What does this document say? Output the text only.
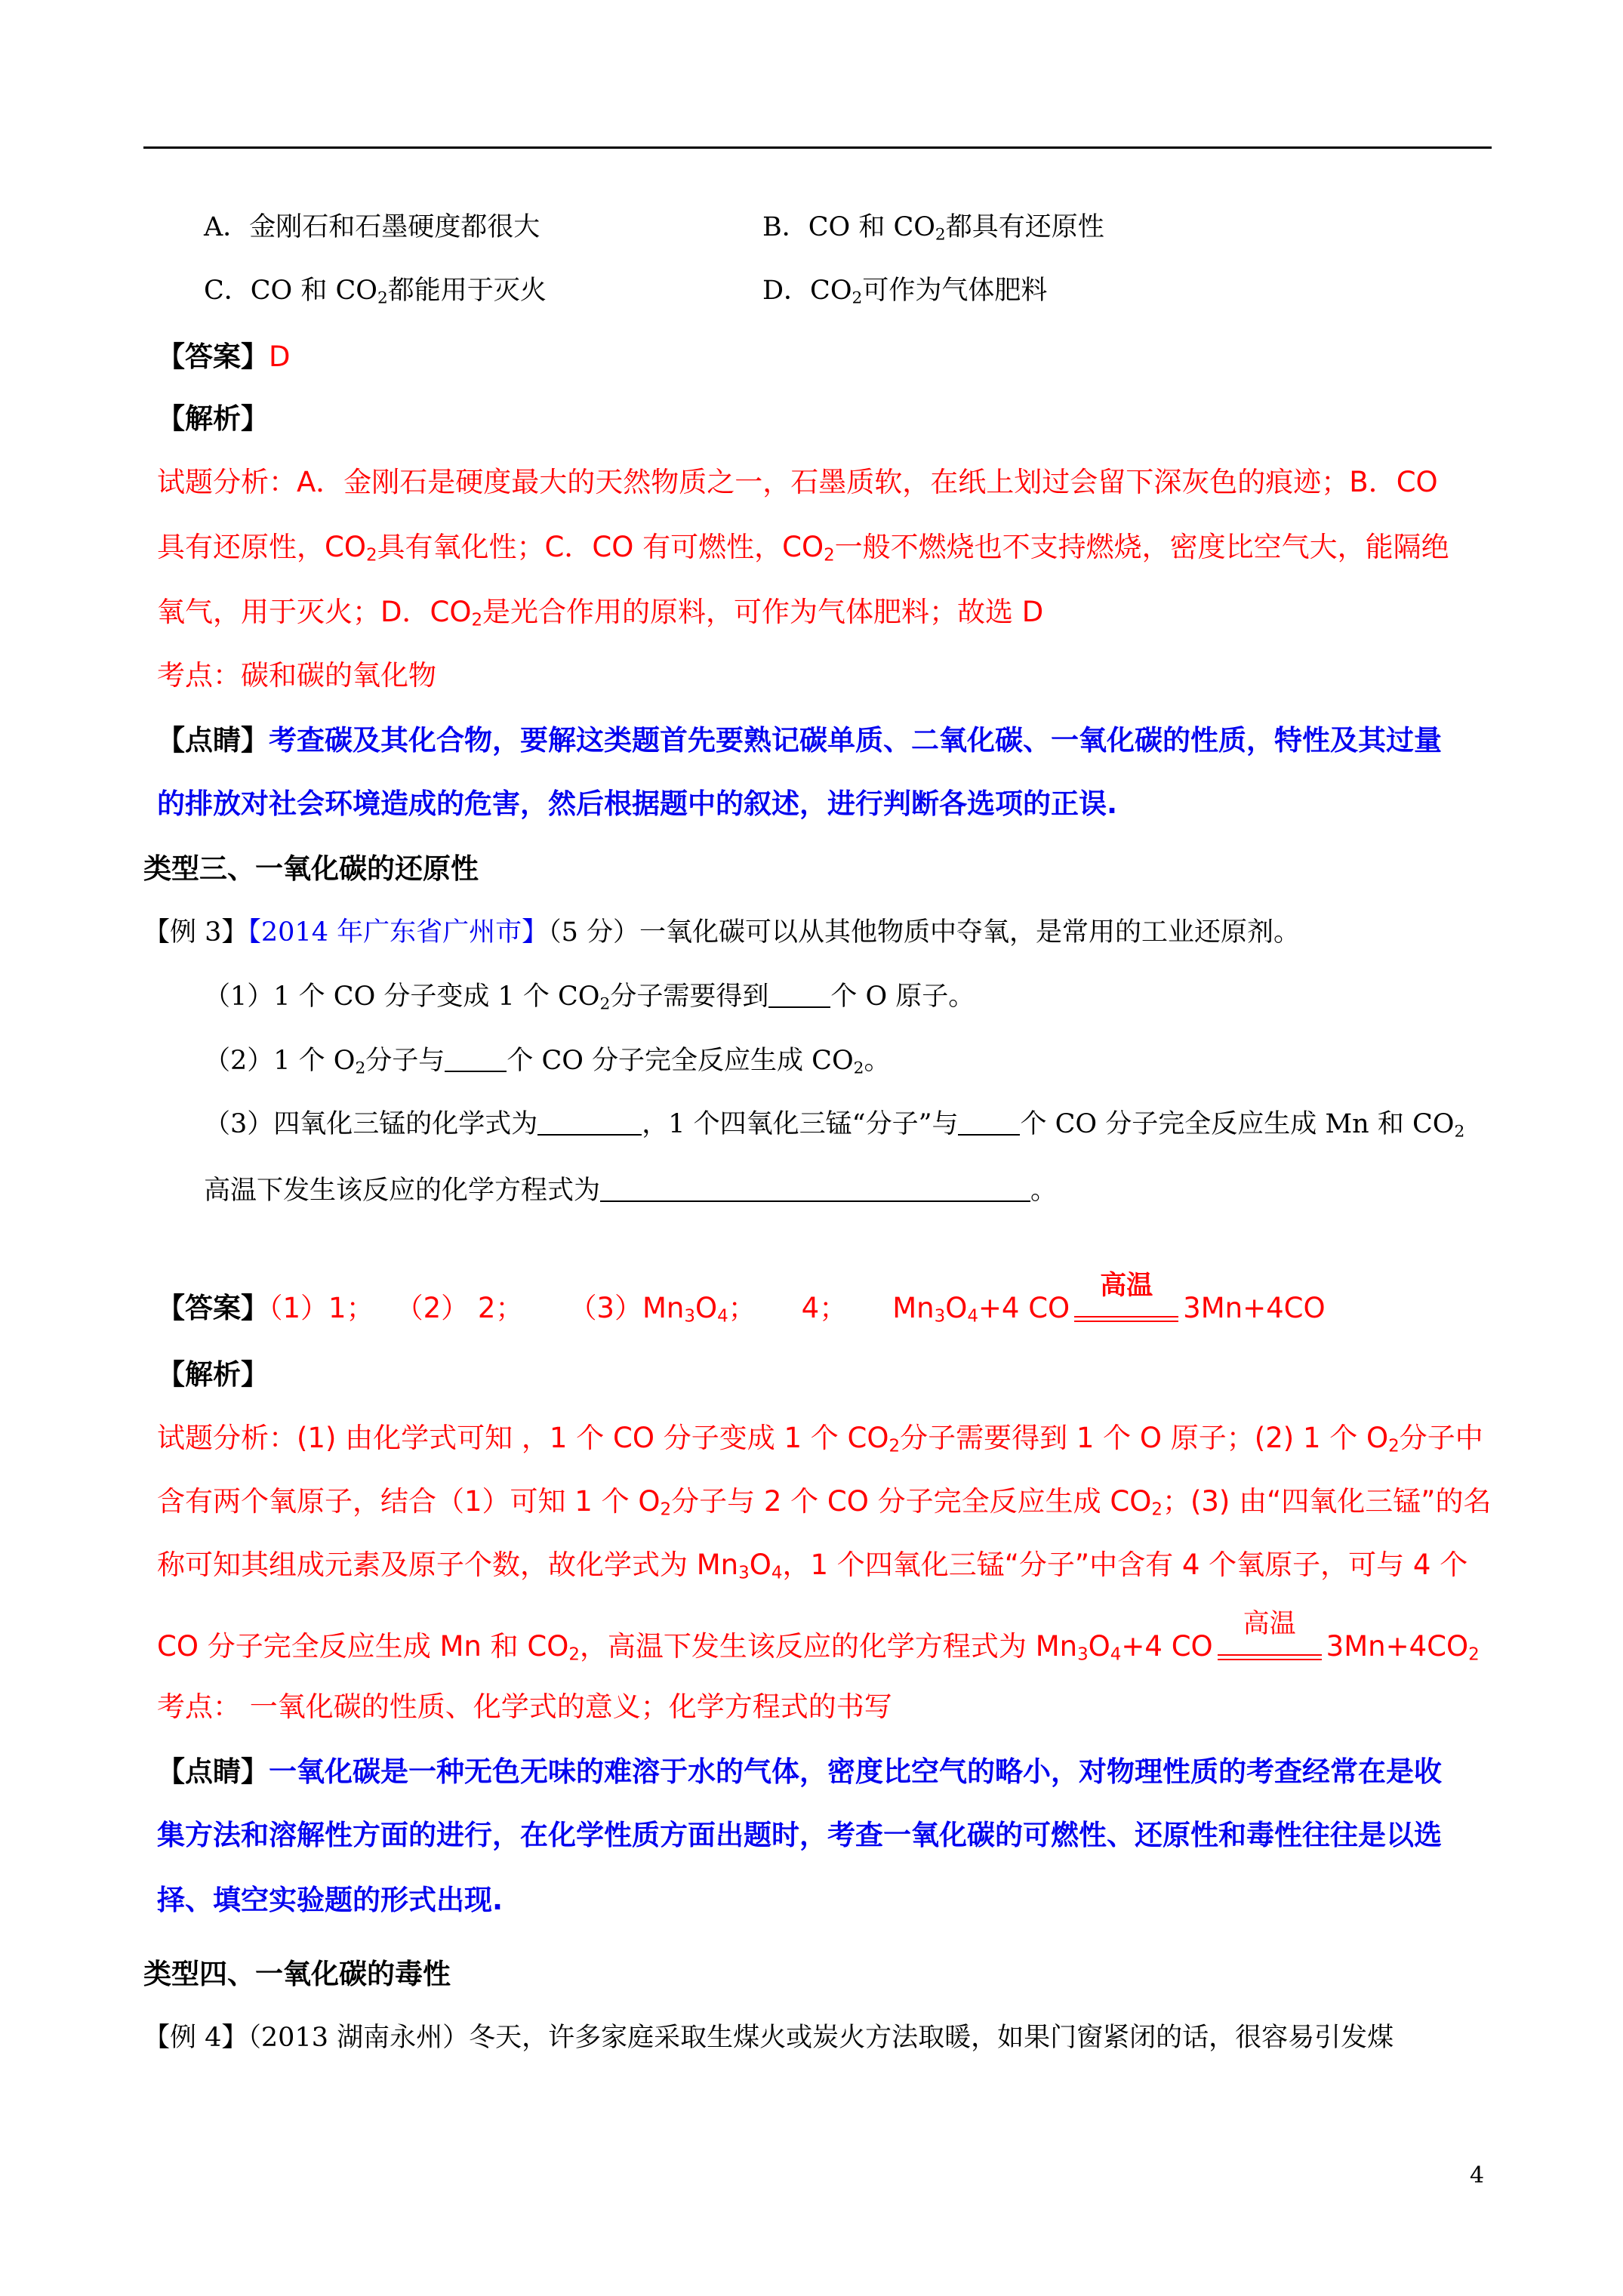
A．金刚石和石墨硬度都很大	B．CO 和 $CO_2$都具有还原性
C．CO 和 $CO_2$都能用于灭火	D．$CO_2$可作为气体肥料
【答案】D
【解析】
试题分析：A．金刚石是硬度最大的天然物质之一，石墨质软，在纸上划过会留下深灰色的痕迹；B．CO
具有还原性，$CO_2$具有氧化性；C．CO 有可燃性，$CO_2$一般不燃烧也不支持燃烧，密度比空气大，能隔绝
氧气，用于灭火；D．$CO_2$是光合作用的原料，可作为气体肥料；故选 D
考点：碳和碳的氧化物
【点睛】考查碳及其化合物，要解这类题首先要熟记碳单质、二氧化碳、一氧化碳的性质，特性及其过量
的排放对社会环境造成的危害，然后根据题中的叙述，进行判断各选项的正误.
类型三、一氧化碳的还原性
【例 3】【2014 年广东省广州市】（5 分）一氧化碳可以从其他物质中夺氧，是常用的工业还原剂。
（1）1 个 CO 分子变成 1 个 $CO_2$分子需要得到 个 O 原子。
（2）1 个 $O_2$分子与 个 CO 分子完全反应生成 $CO_2$。
（3）四氧化三锰的化学式为	，1 个四氧化三锰“分子”与 个 CO 分子完全反应生成 Mn 和 $CO_2$
高温下发生该反应的化学方程式为	。
【答案】（1）1； （2） 2； $(3)Mn_3O_4$； 4； $Mn_3O_4+4$ CO
高温
3Mn+4CO
【解析】
试题分析：(1) 由化学式可知 ，1 个 CO 分子变成 1 个 $CO_2$分子需要得到 1 个 O 原子；(2) 1 个 $O_2$分子中
含有两个氧原子，结合（1）可知 1 个 $O_2$分子与 2 个 CO 分子完全反应生成 $CO_2$；(3) 由“四氧化三锰”的名
称可知其组成元素及原子个数，故化学式为 $Mn_3O_4$，1 个四氧化三锰“分子”中含有 4 个氧原子，可与 4 个
CO 分子完全反应生成 Mn 和 $CO_2$，高温下发生该反应的化学方程式为 $Mn_3O_4+4$ CO
高温
$3Mn+4CO_2$
考点： 一氧化碳的性质、化学式的意义；化学方程式的书写
【点睛】一氧化碳是一种无色无味的难溶于水的气体，密度比空气的略小，对物理性质的考查经常在是收
集方法和溶解性方面的进行，在化学性质方面出题时，考查一氧化碳的可燃性、还原性和毒性往往是以选
择、填空实验题的形式出现.
类型四、一氧化碳的毒性
【例 4】（2013 湖南永州）冬天，许多家庭采取生煤火或炭火方法取暖，如果门窗紧闭的话，很容易引发煤
4
